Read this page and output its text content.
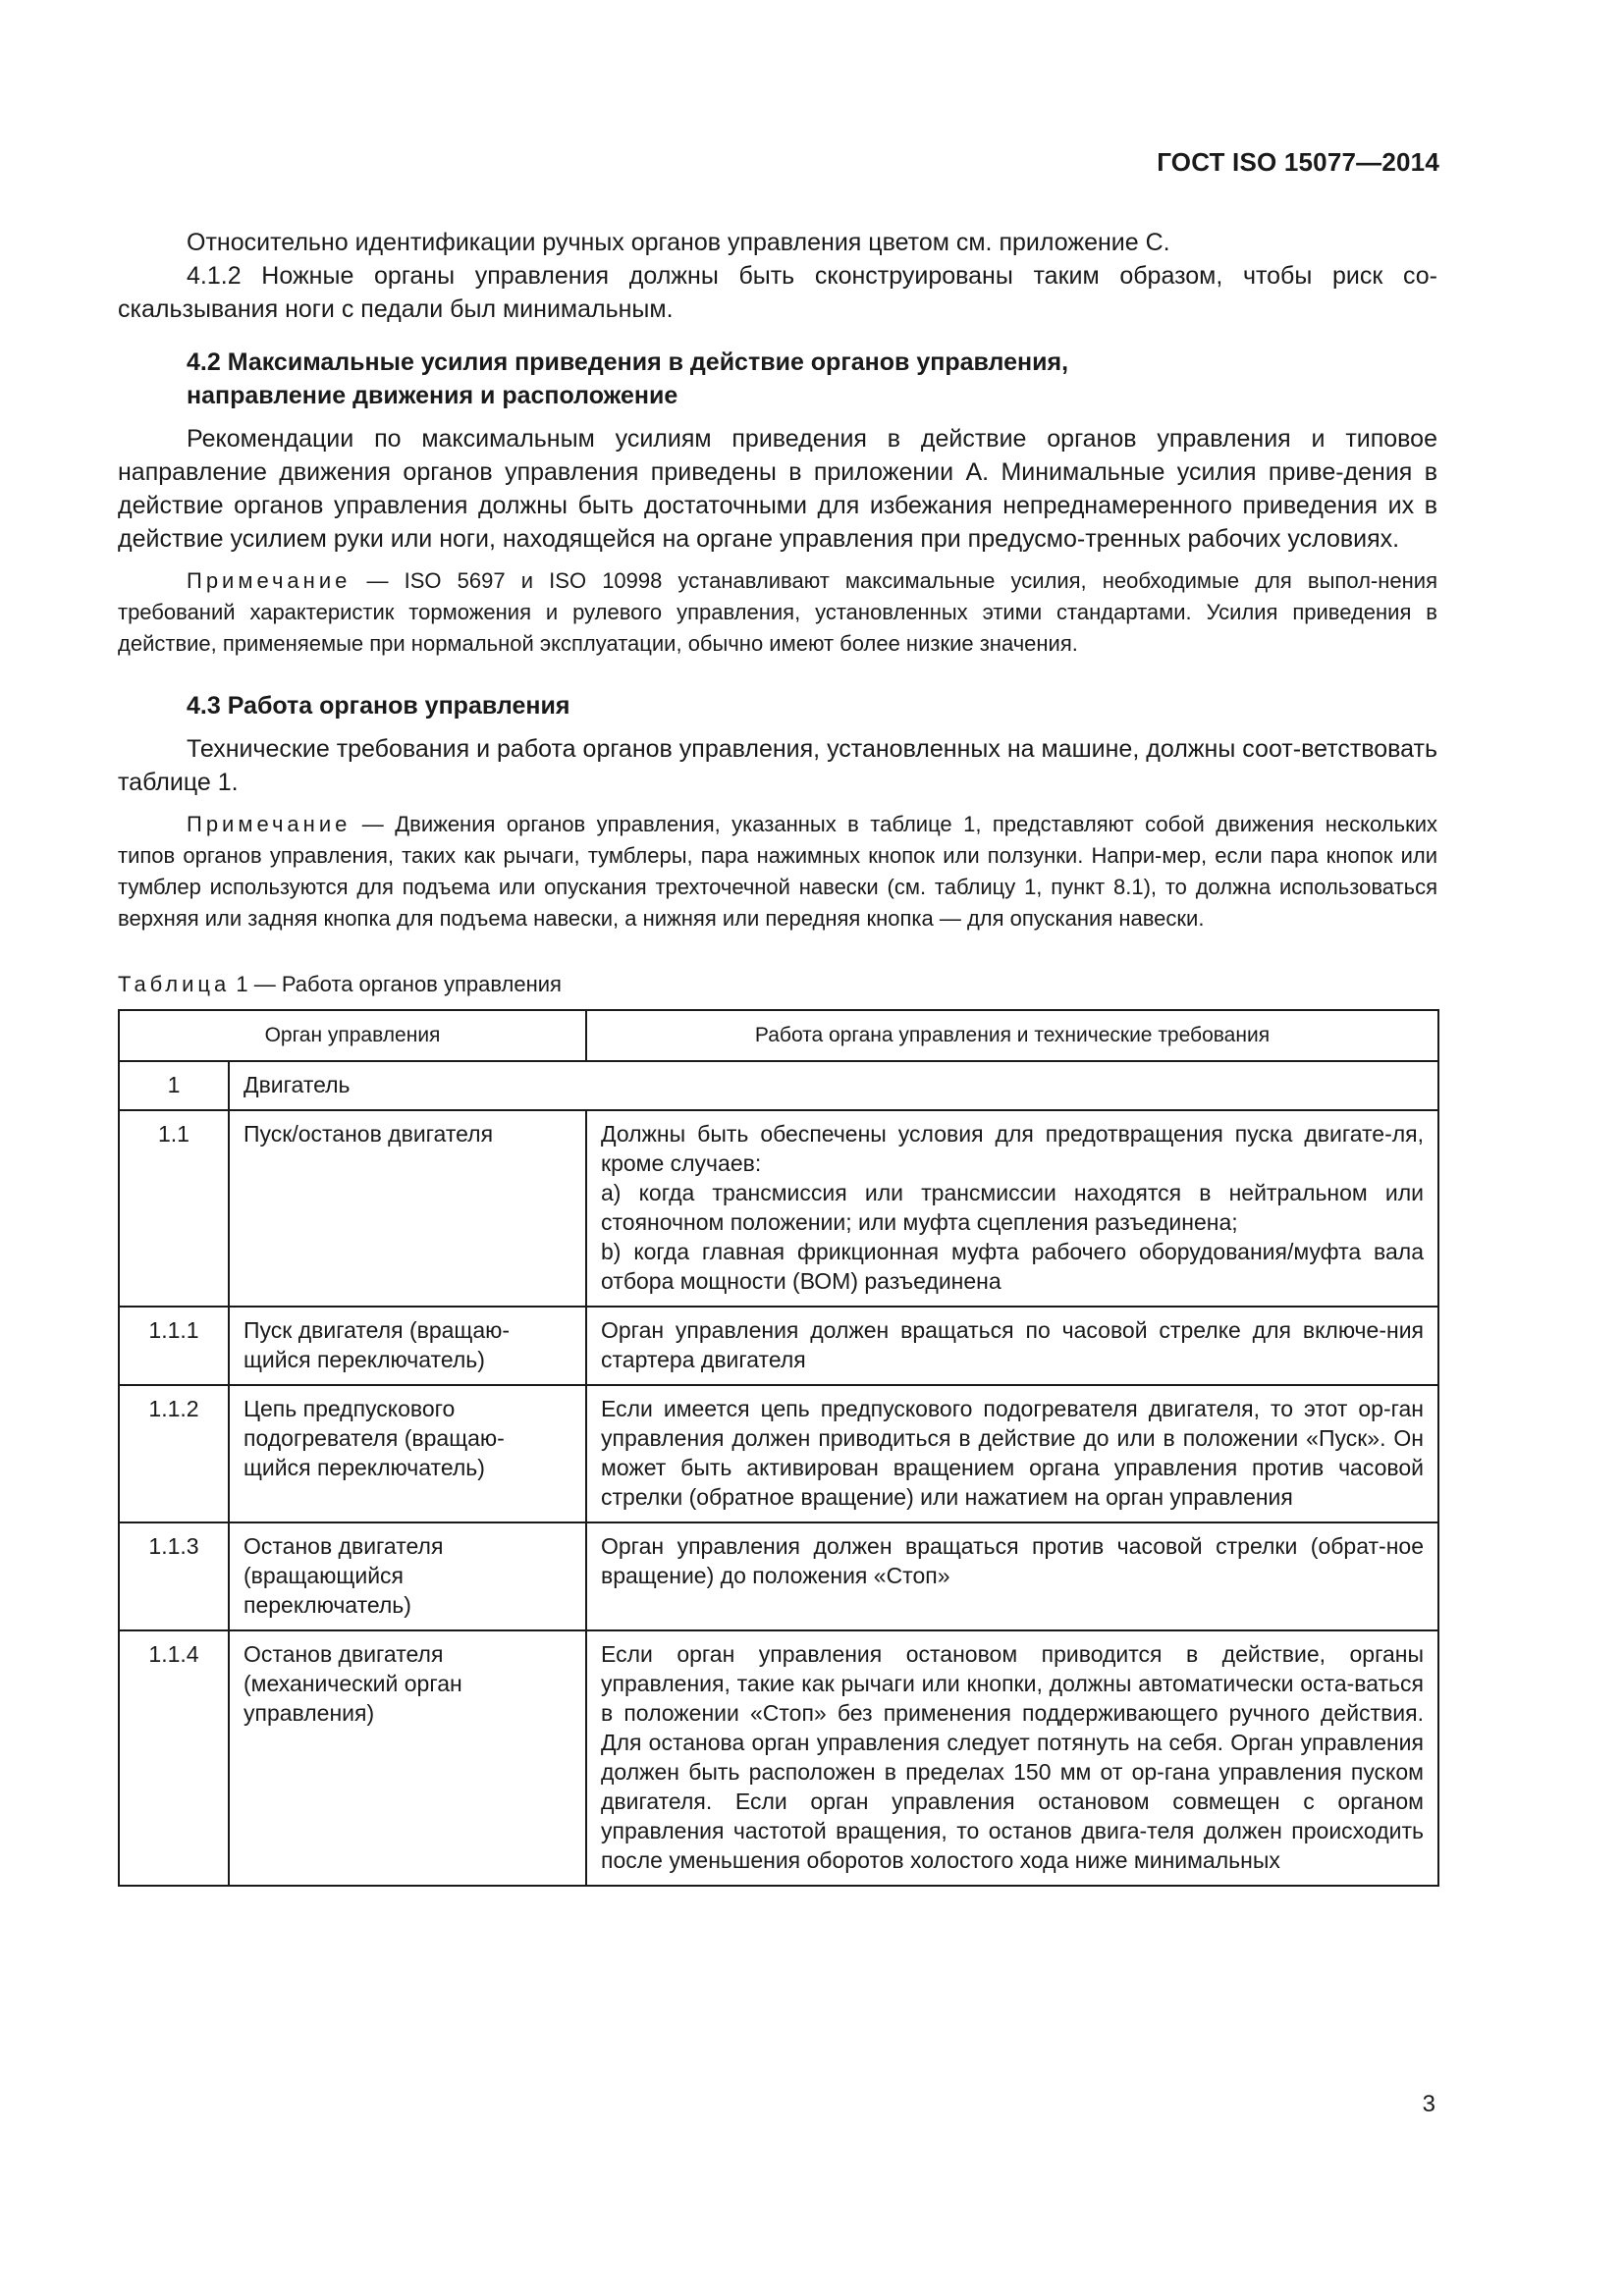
ГОСТ ISO 15077—2014

Относительно идентификации ручных органов управления цветом см. приложение С.

4.1.2 Ножные органы управления должны быть сконструированы таким образом, чтобы риск со-скальзывания ноги с педали был минимальным.

4.2 Максимальные усилия приведения в действие органов управления,
направление движения и расположение

Рекомендации по максимальным усилиям приведения в действие органов управления и типовое направление движения органов управления приведены в приложении А. Минимальные усилия приве-дения в действие органов управления должны быть достаточными для избежания непреднамеренного приведения их в действие усилием руки или ноги, находящейся на органе управления при предусмо-тренных рабочих условиях.

Примечание — ISO 5697 и ISO 10998 устанавливают максимальные усилия, необходимые для выпол-нения требований характеристик торможения и рулевого управления, установленных этими стандартами. Усилия приведения в действие, применяемые при нормальной эксплуатации, обычно имеют более низкие значения.

4.3 Работа органов управления

Технические требования и работа органов управления, установленных на машине, должны соот-ветствовать таблице 1.

Примечание — Движения органов управления, указанных в таблице 1, представляют собой движения нескольких типов органов управления, таких как рычаги, тумблеры, пара нажимных кнопок или ползунки. Напри-мер, если пара кнопок или тумблер используются для подъема или опускания трехточечной навески (см. таблицу 1, пункт 8.1), то должна использоваться верхняя или задняя кнопка для подъема навески, а нижняя или передняя кнопка — для опускания навески.

Таблица 1 — Работа органов управления
Орган управления		Работа органа управления и технические требования
1	Двигатель	
1.1	Пуск/останов двигателя	Должны быть обеспечены условия для предотвращения пуска двигате-ля, кроме случаев:
a) когда трансмиссия или трансмиссии находятся в нейтральном или стояночном положении; или муфта сцепления разъединена;
b) когда главная фрикционная муфта рабочего оборудования/муфта вала отбора мощности (ВОМ) разъединена
1.1.1	Пуск двигателя (вращаю-щийся переключатель)	Орган управления должен вращаться по часовой стрелке для включе-ния стартера двигателя
1.1.2	Цепь предпускового подогревателя (вращаю-щийся переключатель)	Если имеется цепь предпускового подогревателя двигателя, то этот ор-ган управления должен приводиться в действие до или в положении «Пуск». Он может быть активирован вращением органа управления против часовой стрелки (обратное вращение) или нажатием на орган управления
1.1.3	Останов двигателя (вращающийся переключатель)	Орган управления должен вращаться против часовой стрелки (обрат-ное вращение) до положения «Стоп»
1.1.4	Останов двигателя (механический орган управления)	Если орган управления остановом приводится в действие, органы управления, такие как рычаги или кнопки, должны автоматически оста-ваться в положении «Стоп» без применения поддерживающего ручного действия. Для останова орган управления следует потянуть на себя. Орган управления должен быть расположен в пределах 150 мм от ор-гана управления пуском двигателя. Если орган управления остановом совмещен с органом управления частотой вращения, то останов двига-теля должен происходить после уменьшения оборотов холостого хода ниже минимальных
3
